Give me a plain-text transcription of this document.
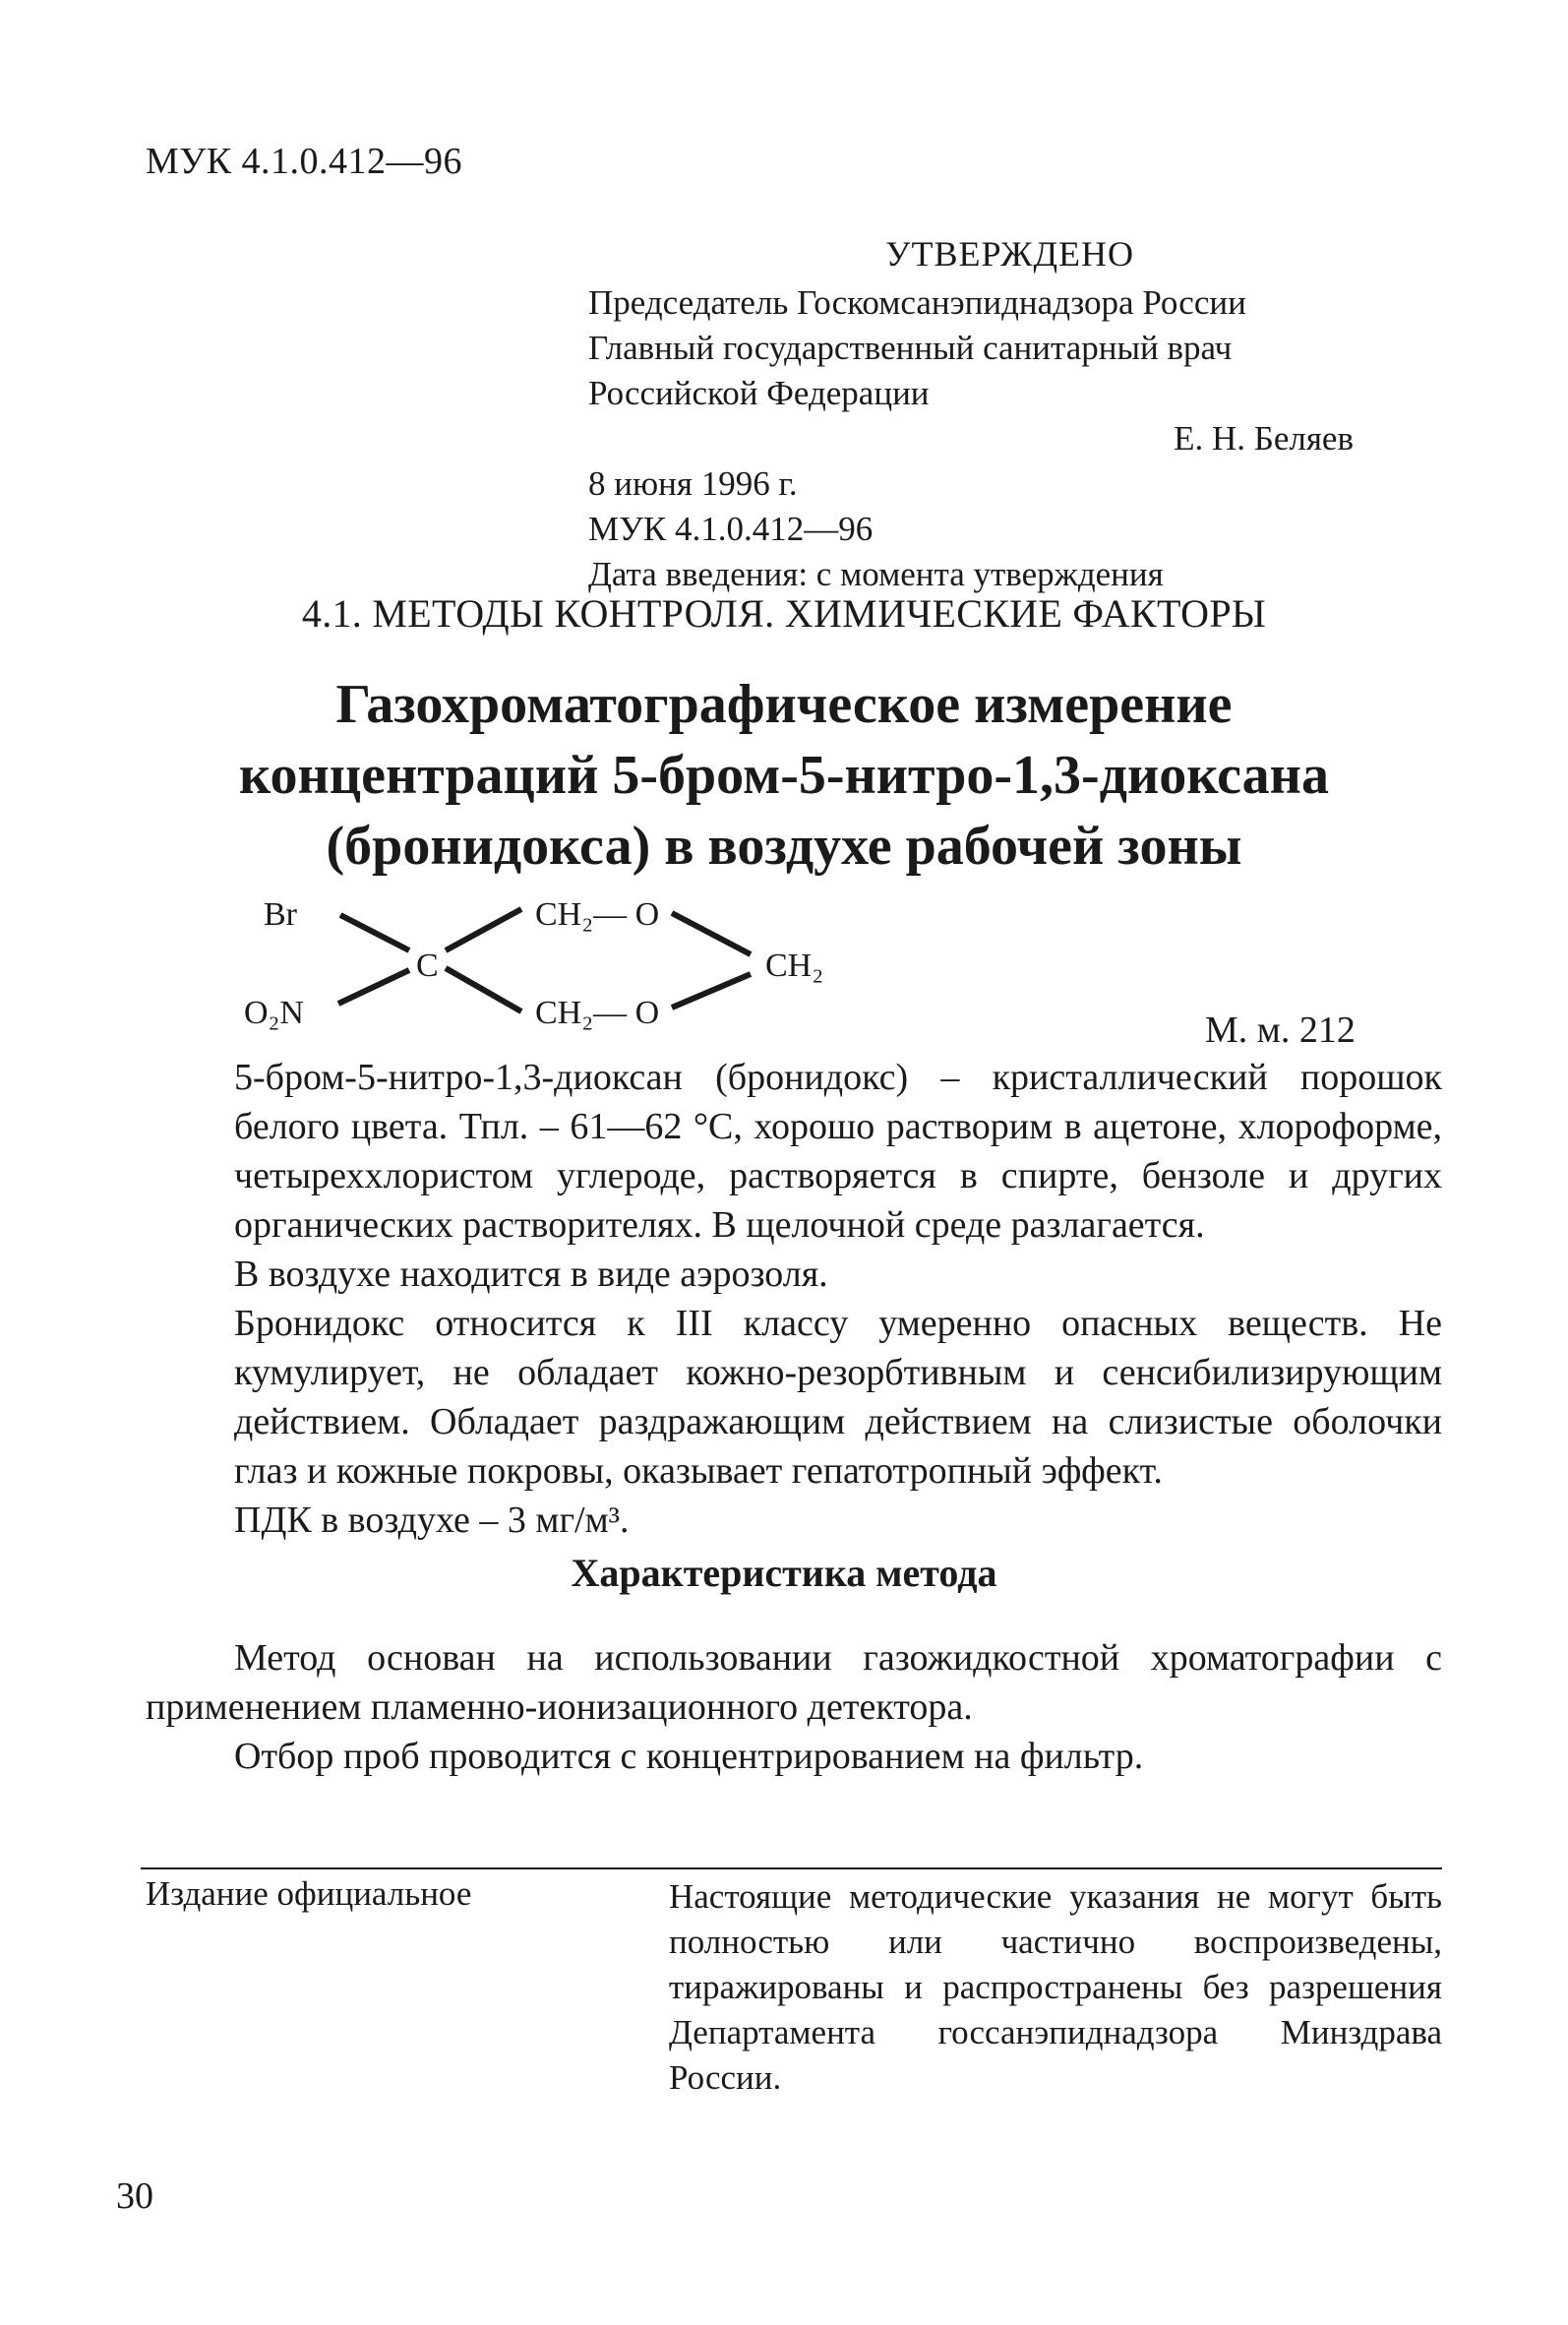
МУК 4.1.0.412—96
УТВЕРЖДЕНО
Председатель Госкомсанэпиднадзора России
Главный государственный санитарный врач
Российской Федерации
Е. Н. Беляев
8 июня 1996 г.
МУК 4.1.0.412—96
Дата введения: с момента утверждения
4.1. МЕТОДЫ КОНТРОЛЯ. ХИМИЧЕСКИЕ ФАКТОРЫ
Газохроматографическое измерение
концентраций 5-бром-5-нитро-1,3-диоксана
(бронидокса) в воздухе рабочей зоны
Br
O₂N
C
CH₂— O
CH₂— O
CH₂
М. м. 212

5-бром-5-нитро-1,3-диоксан (бронидокс) – кристаллический порошок белого цвета. Тпл. – 61—62 °С, хорошо растворим в ацетоне, хлороформе, четыреххлористом углероде, растворяется в спирте, бензоле и других органических растворителях. В щелочной среде разлагается.

В воздухе находится в виде аэрозоля.

Бронидокс относится к III классу умеренно опасных веществ. Не кумулирует, не обладает кожно-резорбтивным и сенсибилизирующим действием. Обладает раздражающим действием на слизистые оболочки глаз и кожные покровы, оказывает гепатотропный эффект.

ПДК в воздухе – 3 мг/м³.

Характеристика метода

Метод основан на использовании газожидкостной хроматографии с применением пламенно-ионизационного детектора.

Отбор проб проводится с концентрированием на фильтр.

Издание официальное	Настоящие методические указания не могут быть полностью или частично воспроизведены, тиражированы и распространены без разрешения Департамента госсанэпиднадзора Минздрава России.
30
